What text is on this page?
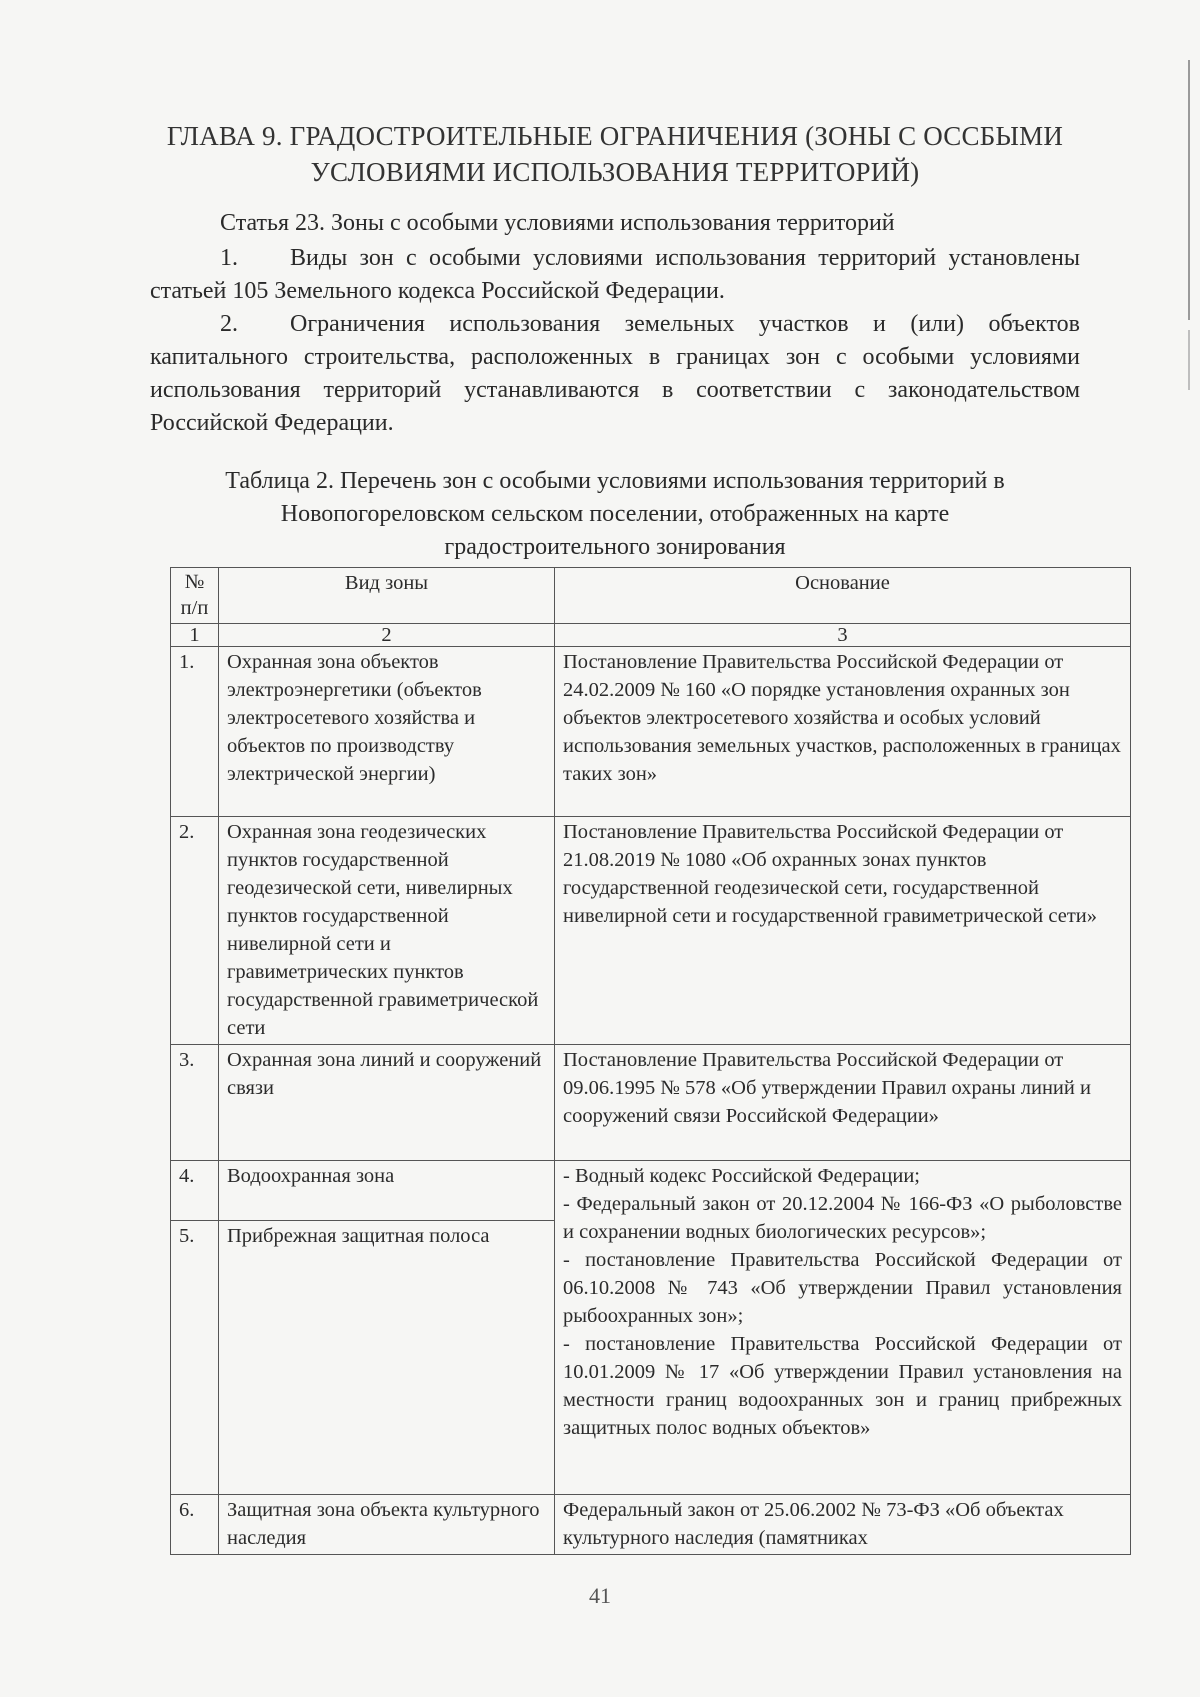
ГЛАВА 9. ГРАДОСТРОИТЕЛЬНЫЕ ОГРАНИЧЕНИЯ (ЗОНЫ С ОССБЫМИ
УСЛОВИЯМИ ИСПОЛЬЗОВАНИЯ ТЕРРИТОРИЙ)
Статья 23. Зоны с особыми условиями использования территорий
1. Виды зон с особыми условиями использования территорий установлены статьей 105 Земельного кодекса Российской Федерации.
2. Ограничения использования земельных участков и (или) объектов капитального строительства, расположенных в границах зон с особыми условиями использования территорий устанавливаются в соответствии с законодательством Российской Федерации.
Таблица 2. Перечень зон с особыми условиями использования территорий в
Новопогореловском сельском поселении, отображенных на карте
градостроительного зонирования
№ п/п	Вид зоны	Основание
1	2	3
1.	Охранная зона объектов электроэнергетики (объектов электросетевого хозяйства и объектов по производству электрической энергии)	Постановление Правительства Российской Федерации от 24.02.2009 № 160 «О порядке установления охранных зон объектов электросетевого хозяйства и особых условий использования земельных участков, расположенных в границах таких зон»
2.	Охранная зона геодезических пунктов государственной геодезической сети, нивелирных пунктов государственной нивелирной сети и гравиметрических пунктов государственной гравиметрической сети	Постановление Правительства Российской Федерации от 21.08.2019 № 1080 «Об охранных зонах пунктов государственной геодезической сети, государственной нивелирной сети и государственной гравиметрической сети»
3.	Охранная зона линий и сооружений связи	Постановление Правительства Российской Федерации от 09.06.1995 № 578 «Об утверждении Правил охраны линий и сооружений связи Российской Федерации»
4.	Водоохранная зона	- Водный кодекс Российской Федерации;
- Федеральный закон от 20.12.2004 № 166-ФЗ «О рыболовстве и сохранении водных биологических ресурсов»;
- постановление Правительства Российской Федерации от 06.10.2008 № 743 «Об утверждении Правил установления рыбоохранных зон»;
- постановление Правительства Российской Федерации от 10.01.2009 № 17 «Об утверждении Правил установления на местности границ водоохранных зон и границ прибрежных защитных полос водных объектов»

5.	Прибрежная защитная полоса	
6.	Защитная зона объекта культурного наследия	Федеральный закон от 25.06.2002 № 73-ФЗ «Об объектах культурного наследия (памятниках
41
